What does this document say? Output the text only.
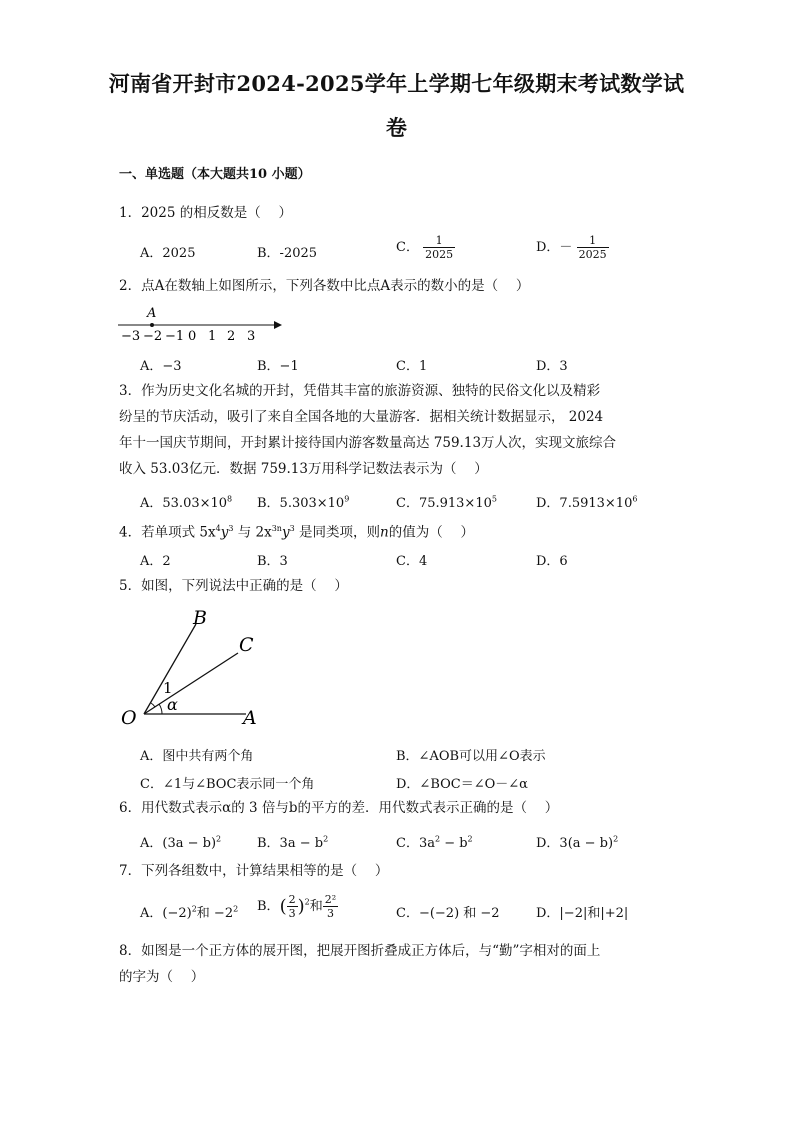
河南省开封市2024-2025学年上学期七年级期末考试数学试
卷
一、单选题（本大题共10 小题）
1．2025 的相反数是（　 ）
A．2025	B．-2025	C． $\frac{1}{2025}$	D．－ $\frac{1}{2025}$
2．点A在数轴上如图所示，下列各数中比点A表示的数小的是（　 ）
A
−3 −2 −1 0 1 2 3
A．−3	B．−1	C．1	D．3
3．作为历史文化名城的开封，凭借其丰富的旅游资源、独特的民俗文化以及精彩
纷呈的节庆活动，吸引了来自全国各地的大量游客．据相关统计数据显示， 2024
年十一国庆节期间，开封累计接待国内游客数量高达 759.13万人次，实现文旅综合
收入 53.03亿元．数据 759.13万用科学记数法表示为（　 ）
A．$53.03\times 10^8$ B．$5.303\times 10^9$	C．$75.913\times 10^5$	D．$7.5913\times 10^6$
4．若单项式 $5x^4y^3$ 与 $2x^{3n}y^3$ 是同类项，则n的值为（　 ）
A．2	B．3	C．4	D．6
5．如图，下列说法中正确的是（　 ）
B
C
O	A
1
α
A．图中共有两个角	B．∠AOB可以用∠O表示
C．∠1与∠BOC表示同一个角	D．∠BOC＝∠O－∠α
6．用代数式表示α的 3 倍与b的平方的差．用代数式表示正确的是（　 ）
A．$(3a - b)^2$	B．$3a - b^2$	C．$3a^2 - b^2$	D．$3(a - b)^2$
7．下列各组数中，计算结果相等的是（　 ）
A．$(-2)^2$和 $-2^2$ B．( $\frac{2}{3} )^2$和 $\frac{\text{2²}}{3}$	C．−(−2) 和 −2	D．|−2|和|+2|
8．如图是一个正方体的展开图，把展开图折叠成正方体后，与“勤”字相对的面上
的字为（　 ）
